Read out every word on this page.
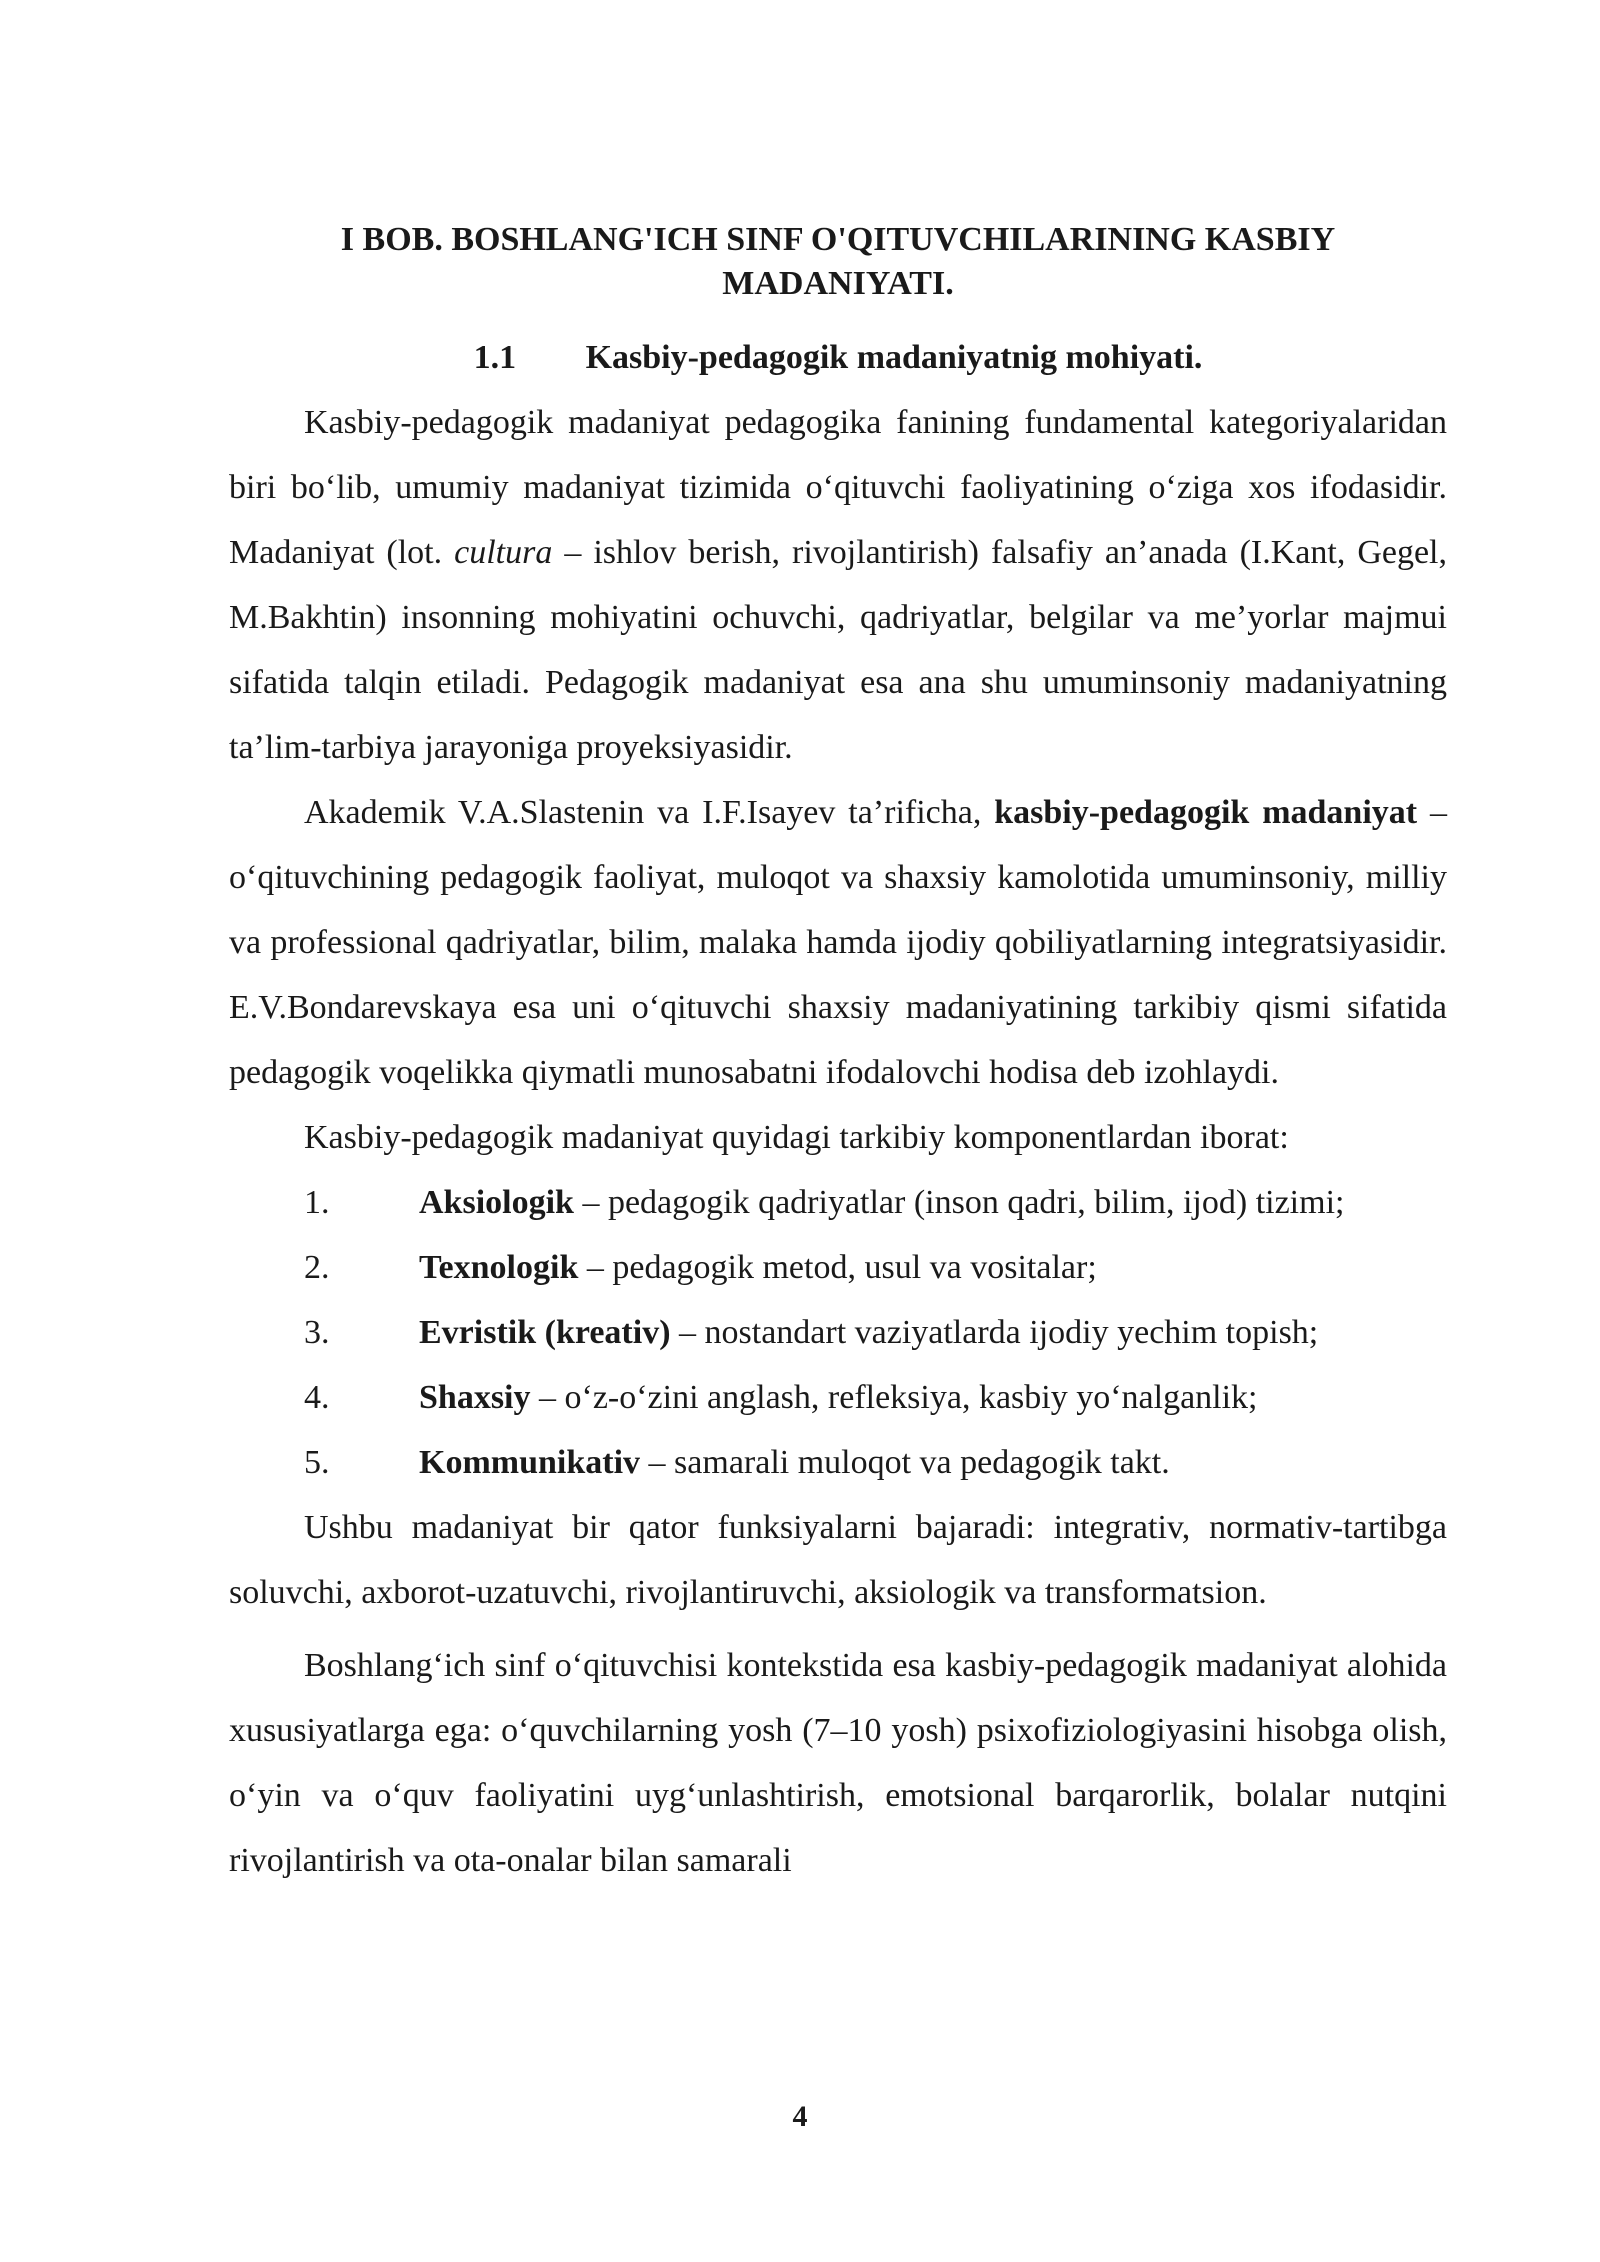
I BOB. BOSHLANG'ICH SINF O'QITUVCHILARINING KASBIY
MADANIYATI.
1.1 Kasbiy-pedagogik madaniyatnig mohiyati.

Kasbiy-pedagogik madaniyat pedagogika fanining fundamental kategoriyalaridan biri bo‘lib, umumiy madaniyat tizimida o‘qituvchi faoliyatining o‘ziga xos ifodasidir. Madaniyat (lot. cultura – ishlov berish, rivojlantirish) falsafiy an’anada (I.Kant, Gegel, M.Bakhtin) insonning mohiyatini ochuvchi, qadriyatlar, belgilar va me’yorlar majmui sifatida talqin etiladi. Pedagogik madaniyat esa ana shu umuminsoniy madaniyatning ta’lim-tarbiya jarayoniga proyeksiyasidir.

Akademik V.A.Slastenin va I.F.Isayev ta’rificha, kasbiy-pedagogik madaniyat – o‘qituvchining pedagogik faoliyat, muloqot va shaxsiy kamolotida umuminsoniy, milliy va professional qadriyatlar, bilim, malaka hamda ijodiy qobiliyatlarning integratsiyasidir. E.V.Bondarevskaya esa uni o‘qituvchi shaxsiy madaniyatining tarkibiy qismi sifatida pedagogik voqelikka qiymatli munosabatni ifodalovchi hodisa deb izohlaydi.

Kasbiy-pedagogik madaniyat quyidagi tarkibiy komponentlardan iborat:

1.	Aksiologik – pedagogik qadriyatlar (inson qadri, bilim, ijod) tizimi;
2.	Texnologik – pedagogik metod, usul va vositalar;
3.	Evristik (kreativ) – nostandart vaziyatlarda ijodiy yechim topish;
4.	Shaxsiy – o‘z-o‘zini anglash, refleksiya, kasbiy yo‘nalganlik;
5.	Kommunikativ – samarali muloqot va pedagogik takt.

Ushbu madaniyat bir qator funksiyalarni bajaradi: integrativ, normativ-tartibga soluvchi, axborot-uzatuvchi, rivojlantiruvchi, aksiologik va transformatsion.

Boshlang‘ich sinf o‘qituvchisi kontekstida esa kasbiy-pedagogik madaniyat alohida xususiyatlarga ega: o‘quvchilarning yosh (7–10 yosh) psixofiziologiyasini hisobga olish, o‘yin va o‘quv faoliyatini uyg‘unlashtirish, emotsional barqarorlik, bolalar nutqini rivojlantirish va ota-onalar bilan samarali

4
